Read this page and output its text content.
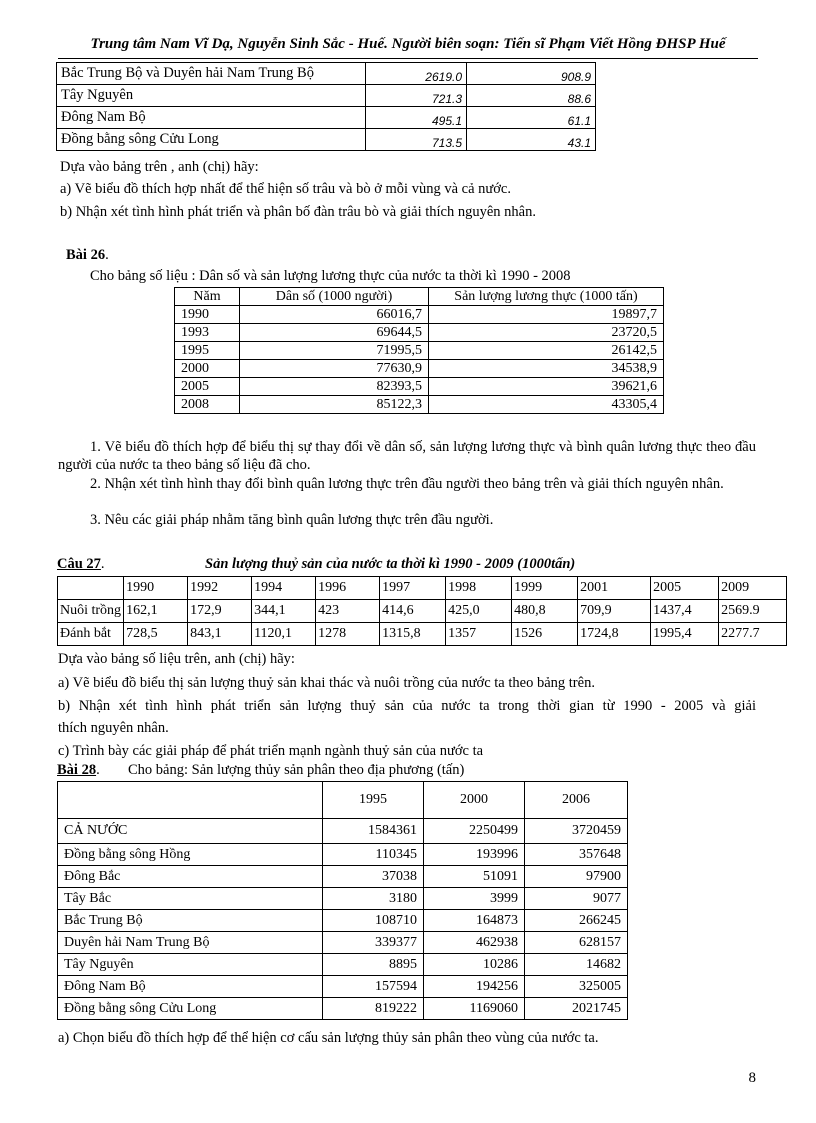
Trung tâm Nam Vĩ Dạ, Nguyễn Sinh Sắc - Huế. Người biên soạn: Tiến sĩ Phạm Viết Hồng ĐHSP Huế
Bắc Trung Bộ và Duyên hải Nam Trung Bộ	2619.0	908.9
Tây Nguyên	721.3	88.6
Đông Nam Bộ	495.1	61.1
Đồng bằng sông Cửu Long	713.5	43.1
Dựa vào bảng trên , anh (chị) hãy:
a) Vẽ biểu đồ thích hợp nhất để thể hiện số trâu và bò ở mỗi vùng và cả nước.
b) Nhận xét tình hình phát triển và phân bố đàn trâu bò và giải thích nguyên nhân.
Bài 26.
Cho bảng số liệu : Dân số và sản lượng lương thực của nước ta thời kì 1990 - 2008
Năm	Dân số (1000 người)	Sản lượng lương thực (1000 tấn)
1990	66016,7	19897,7
1993	69644,5	23720,5
1995	71995,5	26142,5
2000	77630,9	34538,9
2005	82393,5	39621,6
2008	85122,3	43305,4
1. Vẽ biểu đồ thích hợp để biểu thị sự thay đổi về dân số, sản lượng lương thực và bình quân lương thực theo đầu người của nước ta theo bảng số liệu đã cho.
2. Nhận xét tình hình thay đổi bình quân lương thực trên đầu người theo bảng trên và giải thích nguyên nhân.
3. Nêu các giải pháp nhằm tăng bình quân lương thực trên đầu người.
Câu 27.	Sản lượng thuỷ sản của nước ta thời kì 1990 - 2009 (1000tấn)
	1990	1992	1994	1996	1997	1998	1999	2001	2005	2009
Nuôi trồng	162,1	172,9	344,1	423	414,6	425,0	480,8	709,9	1437,4	2569.9
Đánh bắt	728,5	843,1	1120,1	1278	1315,8	1357	1526	1724,8	1995,4	2277.7
Dựa vào bảng số liệu trên, anh (chị) hãy:
a) Vẽ biểu đồ biểu thị sản lượng thuỷ sản khai thác và nuôi trồng của nước ta theo bảng trên.
b) Nhận xét tình hình phát triển sản lượng thuỷ sản của nước ta trong thời gian từ 1990 - 2005 và giải
thích nguyên nhân.
c) Trình bày các giải pháp để phát triển mạnh ngành thuỷ sản của nước ta
Bài 28. Cho bảng: Sản lượng thủy sản phân theo địa phương (tấn)
	1995	2000	2006
CẢ NƯỚC	1584361	2250499	3720459
Đồng bằng sông Hồng	110345	193996	357648
Đông Bắc	37038	51091	97900
Tây Bắc	3180	3999	9077
Bắc Trung Bộ	108710	164873	266245
Duyên hải Nam Trung Bộ	339377	462938	628157
Tây Nguyên	8895	10286	14682
Đông Nam Bộ	157594	194256	325005
Đồng bằng sông Cửu Long	819222	1169060	2021745
a) Chọn biểu đồ thích hợp để thể hiện cơ cấu sản lượng thủy sản phân theo vùng của nước ta.
8
